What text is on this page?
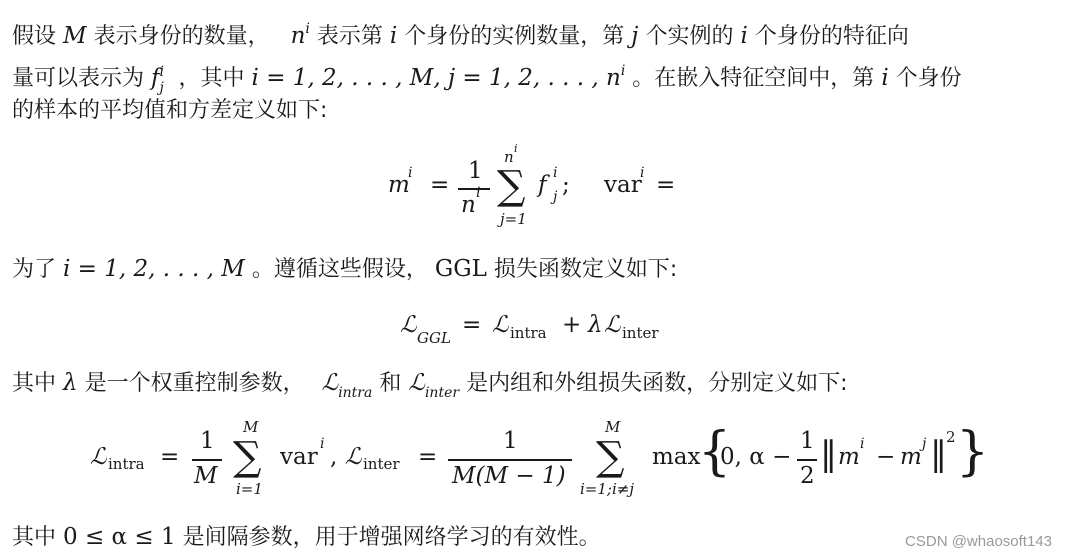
假设 M 表示身份的数量， $n^i$ 表示第 i 个身份的实例数量，第 j 个实例的 i 个身份的特征向
量可以表示为 f i
j ，其中 i = 1, 2, . . . , M, j = 1, 2, . . . , $n^i$ 。在嵌入特征空间中，第 i 个身份
的样本的平均值和方差定义如下:
m
i =
1
n i ∑
n i
j=1
f i
j ; var
i =
为了 i = 1, 2, . . . , M 。遵循这些假设， GGL 损失函数定义如下:
ℒ GGL = ℒ intra + λ ℒ inter
其中 λ 是一个权重控制参数， ℒ$_{intra}$ 和 ℒ$_{inter}$ 是内组和外组损失函数，分别定义如下:
ℒ intra =
1
M
M
∑
i=1
var i , ℒ inter =
1
M(M − 1)
M
∑
i=1;i≠j
max
{
0, α −
1
2
‖ m i − m j ‖ 2 }
其中 0 ≤ α ≤ 1 是间隔参数，用于增强网络学习的有效性。	CSDN @whaosoft143
